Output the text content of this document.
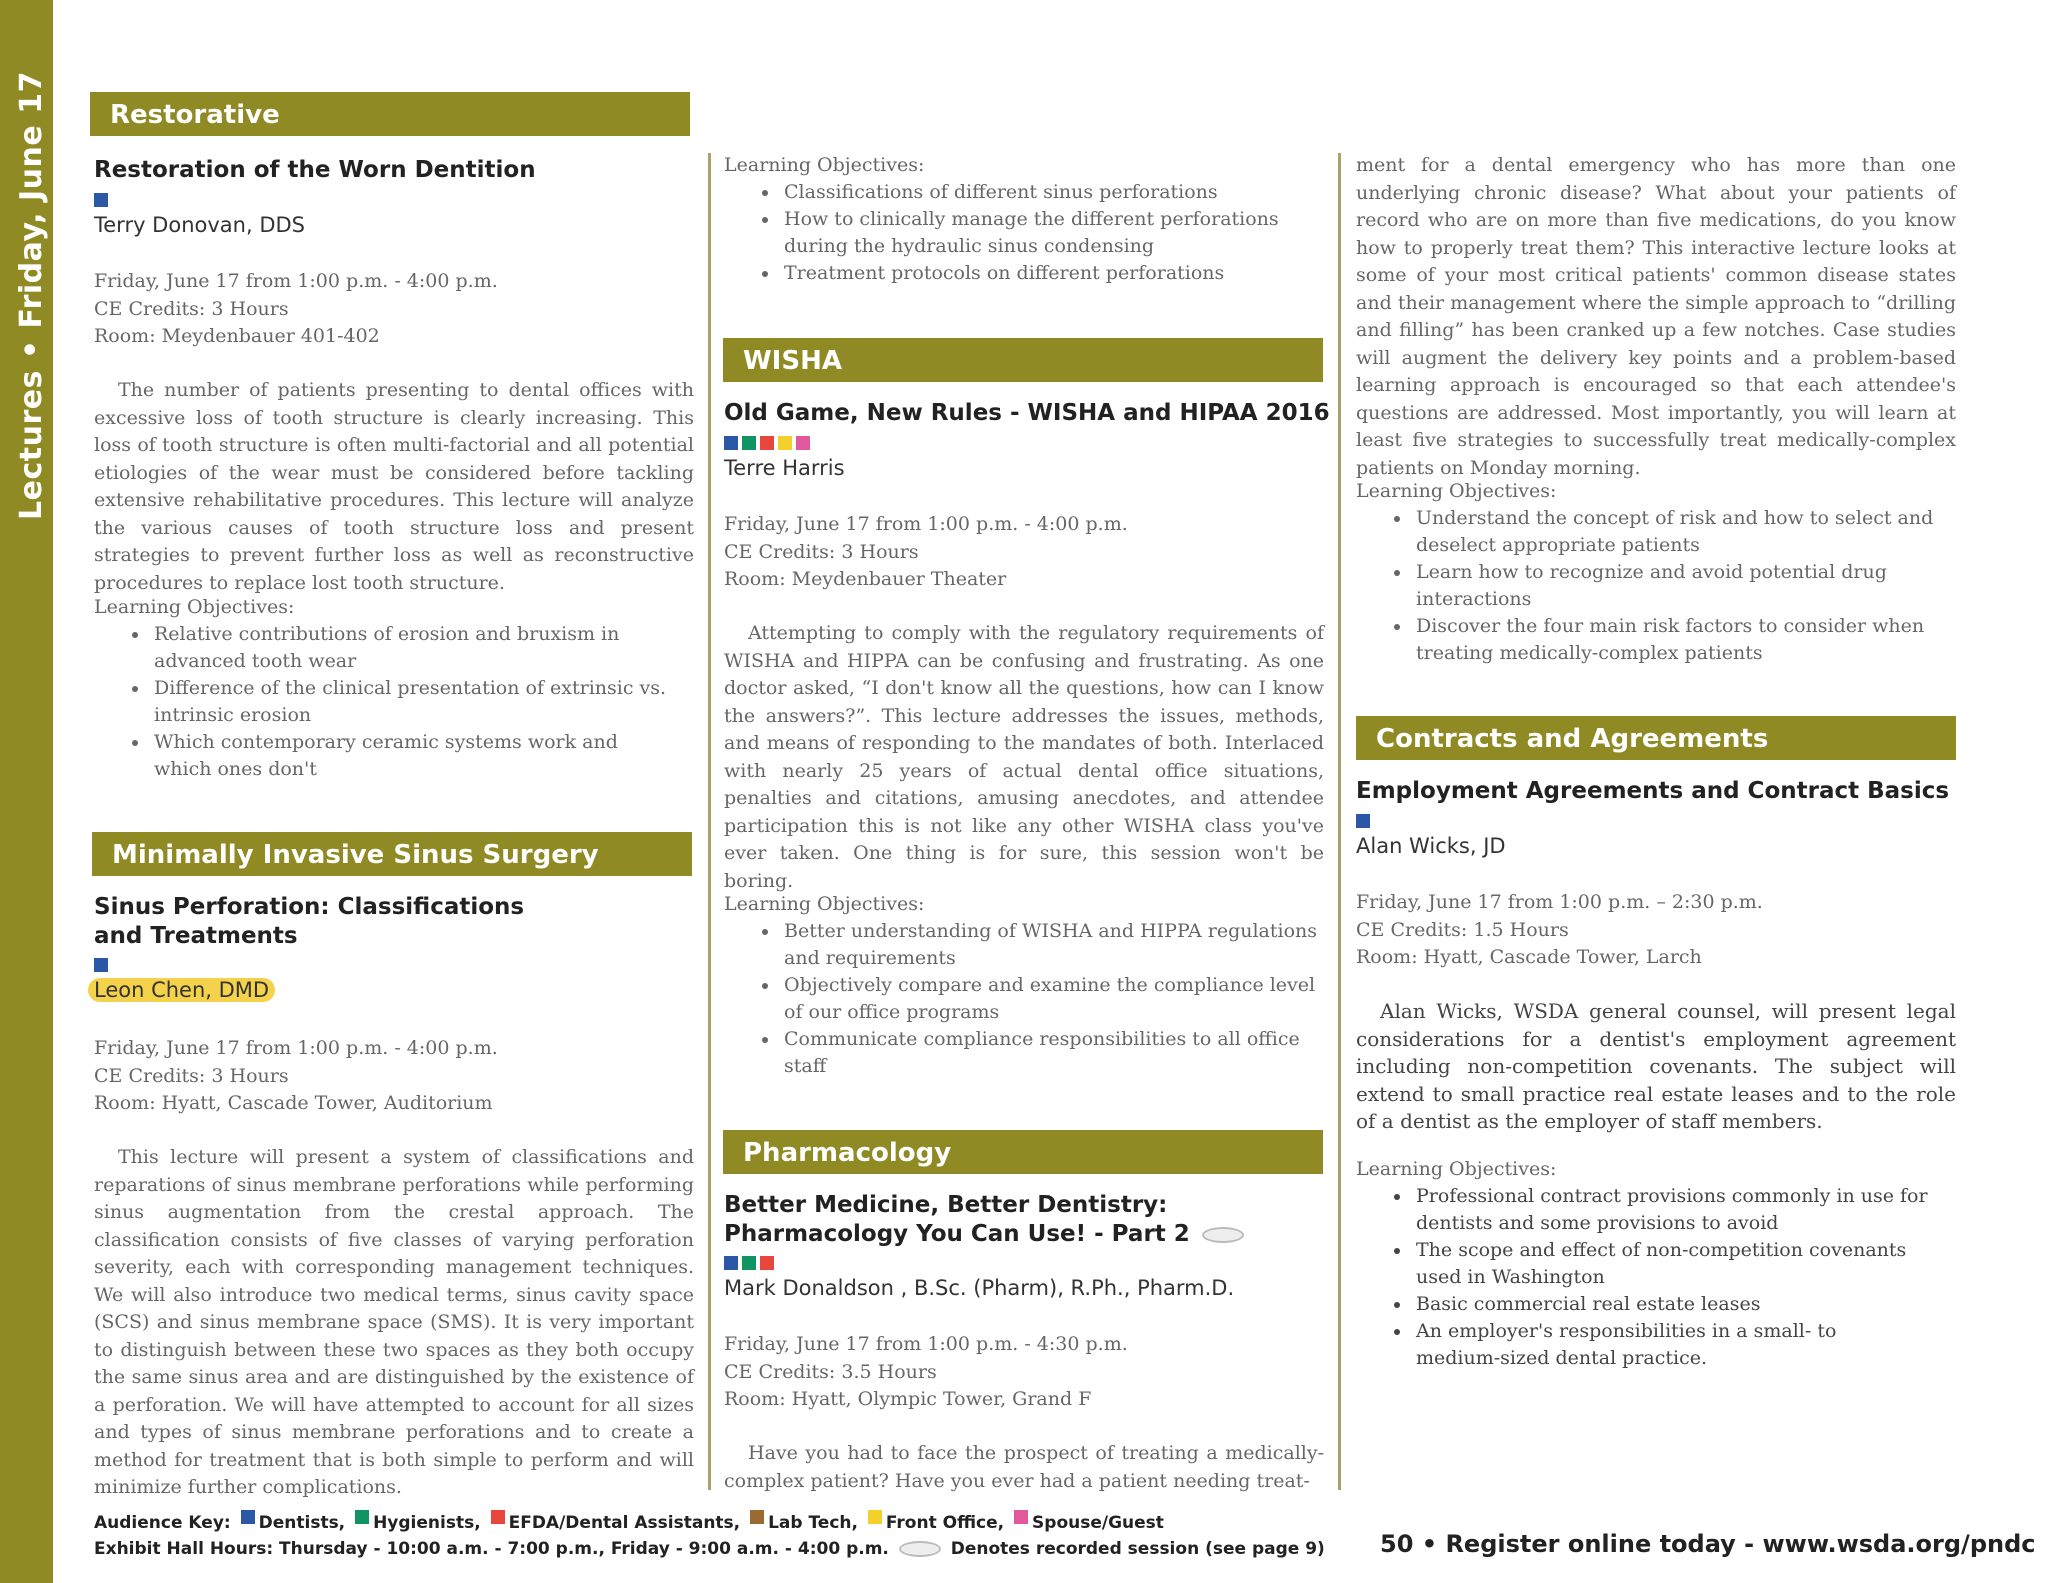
Lectures • Friday, June 17	Restorative
Restoration of the Worn Dentition
Terry Donovan, DDS
Friday, June 17 from 1:00 p.m. - 4:00 p.m.
CE Credits: 3 Hours
Room: Meydenbauer 401-402
The number of patients presenting to dental offices with excessive loss of tooth structure is clearly increasing. This loss of tooth structure is often multi-factorial and all potential etiologies of the wear must be considered before tackling extensive rehabilitative procedures. This lecture will analyze the various causes of tooth structure loss and present strategies to prevent further loss as well as reconstructive procedures to replace lost tooth structure.
Learning Objectives:
• Relative contributions of erosion and bruxism in advanced tooth wear
• Difference of the clinical presentation of extrinsic vs. intrinsic erosion
• Which contemporary ceramic systems work and which ones don't
Minimally Invasive Sinus Surgery
Sinus Perforation: Classifications
and Treatments
Leon Chen, DMD
Friday, June 17 from 1:00 p.m. - 4:00 p.m.
CE Credits: 3 Hours
Room: Hyatt, Cascade Tower, Auditorium
This lecture will present a system of classifications and reparations of sinus membrane perforations while performing sinus augmentation from the crestal approach. The classification consists of five classes of varying perforation severity, each with corresponding management techniques. We will also introduce two medical terms, sinus cavity space (SCS) and sinus membrane space (SMS). It is very important to distinguish between these two spaces as they both occupy the same sinus area and are distinguished by the existence of a perforation. We will have attempted to account for all sizes and types of sinus membrane perforations and to create a method for treatment that is both simple to perform and will minimize further complications.
Learning Objectives:
• Classifications of different sinus perforations
• How to clinically manage the different perforations during the hydraulic sinus condensing
• Treatment protocols on different perforations
WISHA
Old Game, New Rules - WISHA and HIPAA 2016
Terre Harris
Friday, June 17 from 1:00 p.m. - 4:00 p.m.
CE Credits: 3 Hours
Room: Meydenbauer Theater
Attempting to comply with the regulatory requirements of WISHA and HIPPA can be confusing and frustrating. As one doctor asked, “I don't know all the questions, how can I know the answers?”. This lecture addresses the issues, methods, and means of responding to the mandates of both. Interlaced with nearly 25 years of actual dental office situations, penalties and citations, amusing anecdotes, and attendee participation this is not like any other WISHA class you've ever taken. One thing is for sure, this session won't be boring.
Learning Objectives:
• Better understanding of WISHA and HIPPA regulations and requirements
• Objectively compare and examine the compliance level of our office programs
• Communicate compliance responsibilities to all office staff
Pharmacology
Better Medicine, Better Dentistry:
Pharmacology You Can Use! - Part 2
Mark Donaldson , B.Sc. (Pharm), R.Ph., Pharm.D.
Friday, June 17 from 1:00 p.m. - 4:30 p.m.
CE Credits: 3.5 Hours
Room: Hyatt, Olympic Tower, Grand F
Have you had to face the prospect of treating a medically-complex patient? Have you ever had a patient needing treat-
ment for a dental emergency who has more than one underlying chronic disease? What about your patients of record who are on more than five medications, do you know how to properly treat them? This interactive lecture looks at some of your most critical patients' common disease states and their management where the simple approach to “drilling and filling” has been cranked up a few notches. Case studies will augment the delivery key points and a problem-based learning approach is encouraged so that each attendee's questions are addressed. Most importantly, you will learn at least five strategies to successfully treat medically-complex patients on Monday morning.
Learning Objectives:
• Understand the concept of risk and how to select and deselect appropriate patients
• Learn how to recognize and avoid potential drug interactions
• Discover the four main risk factors to consider when treating medically-complex patients
Contracts and Agreements
Employment Agreements and Contract Basics
Alan Wicks, JD
Friday, June 17 from 1:00 p.m. – 2:30 p.m.
CE Credits: 1.5 Hours
Room: Hyatt, Cascade Tower, Larch
Alan Wicks, WSDA general counsel, will present legal considerations for a dentist's employment agreement including non-competition covenants. The subject will extend to small practice real estate leases and to the role of a dentist as the employer of staff members.
Learning Objectives:
• Professional contract provisions commonly in use for dentists and some provisions to avoid
• The scope and effect of non-competition covenants used in Washington
• Basic commercial real estate leases
• An employer's responsibilities in a small- to medium-sized dental practice.
Audience Key: Dentists, Hygienists, EFDA/Dental Assistants, Lab Tech, Front Office, Spouse/Guest
Exhibit Hall Hours: Thursday - 10:00 a.m. - 7:00 p.m., Friday - 9:00 a.m. - 4:00 p.m.	Denotes recorded session (see page 9) 50 • Register online today - www.wsda.org/pndc
